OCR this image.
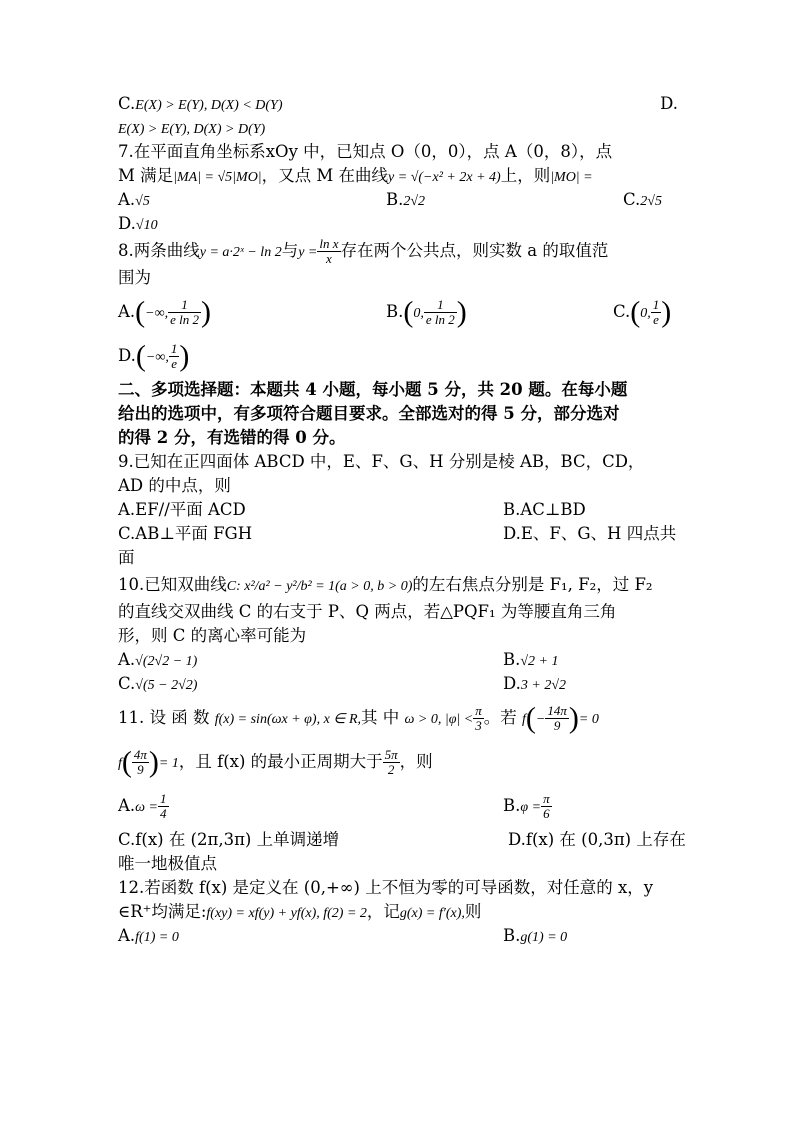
C.E(X) > E(Y), D(X) < D(Y)	D.
E(X) > E(Y), D(X) > D(Y)
7.在平面直角坐标系xOy 中，已知点 O（0，0），点 A（0，8），点
M 满足|MA| = √5|MO|，又点 M 在曲线y = √(−x² + 2x + 4)上，则|MO| =
A.√5	B.2√2	C.2√5
D.√10
8.两条曲线y = a·2ˣ − ln 2与$y = \frac{\text{ln x}}{x}$ 存在两个公共点，则实数 a 的取值范
围为
A.(−∞, $\frac{1}{\text{e ln 2}}$ )	B.(0, $\frac{1}{\text{e ln 2}}$ )	C.(0, $\frac{1}{e}$ )
D.(−∞, $\frac{1}{e}$ )
二、多项选择题：本题共 4 小题，每小题 5 分，共 20 题。在每小题
给出的选项中，有多项符合题目要求。全部选对的得 5 分，部分选对
的得 2 分，有选错的得 0 分。
9.已知在正四面体 ABCD 中，E、F、G、H 分别是棱 AB，BC，CD，
AD 的中点，则
A.EF//平面 ACD	B.AC⊥BD
C.AB⊥平面 FGH	D.E、F、G、H 四点共
面
10.已知双曲线C: x²/a² − y²/b² = 1(a > 0, b > 0)的左右焦点分别是 F₁, F₂，过 F₂
的直线交双曲线 C 的右支于 P、Q 两点，若△PQF₁ 为等腰直角三角
形，则 C 的离心率可能为
A.√(2√2 − 1)	B.√2 + 1
C.√(5 − 2√2)	D.3 + 2√2
11. 设 函 数 f(x) = sin(ωx + φ), x ∈ R,其 中 ω > 0, $|\varphi| < \frac{\pi}{3}$ 。若 $f(- \frac{14\pi}{9}$ )= 0
$f( \frac{4\pi}{9}$ )= 1，且 f(x) 的最小正周期大于 $\frac{5\pi}{2}$ ，则
$A.\omega = \frac{1}{4}$	$B.\varphi = \frac{\pi}{6}$
C.f(x) 在 (2π,3π) 上单调递增	D.f(x) 在 (0,3π) 上存在
唯一地极值点
12.若函数 f(x) 是定义在 (0,+∞) 上不恒为零的可导函数，对任意的 x，y
∈R⁺均满足:f(xy) = xf(y) + yf(x), f(2) = 2，记g(x) = f′(x),则
A.f(1) = 0	B.g(1) = 0
